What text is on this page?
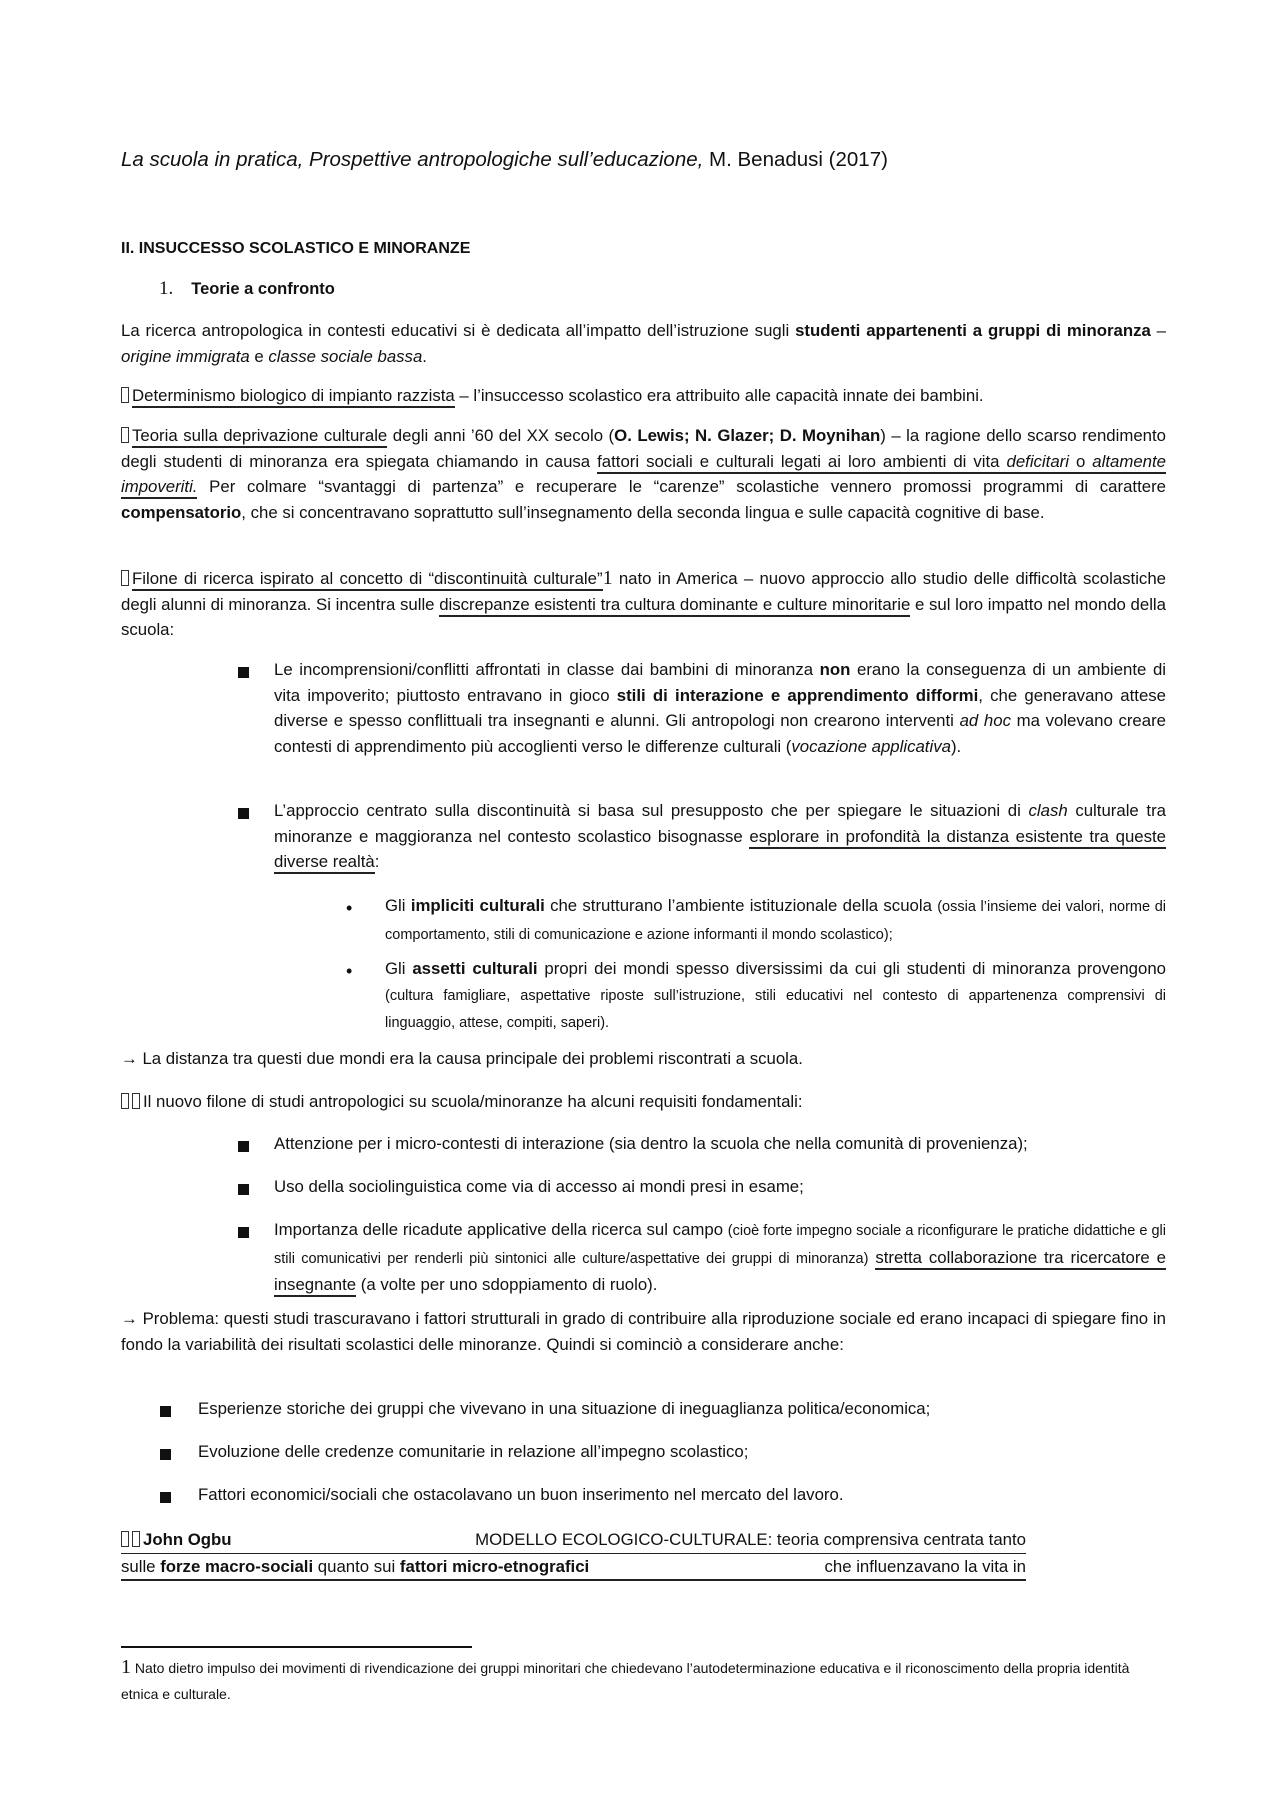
La scuola in pratica, Prospettive antropologiche sull’educazione, M. Benadusi (2017)
II. INSUCCESSO SCOLASTICO E MINORANZE
1. Teorie a confronto
La ricerca antropologica in contesti educativi si è dedicata all’impatto dell’istruzione sugli studenti appartenenti a gruppi di minoranza – origine immigrata e classe sociale bassa.
Determinismo biologico di impianto razzista – l’insuccesso scolastico era attribuito alle capacità innate dei bambini.
Teoria sulla deprivazione culturale degli anni ’60 del XX secolo (O. Lewis; N. Glazer; D. Moynihan) – la ragione dello scarso rendimento degli studenti di minoranza era spiegata chiamando in causa fattori sociali e culturali legati ai loro ambienti di vita deficitari o altamente impoveriti. Per colmare “svantaggi di partenza” e recuperare le “carenze” scolastiche vennero promossi programmi di carattere compensatorio, che si concentravano soprattutto sull’insegnamento della seconda lingua e sulle capacità cognitive di base.
Filone di ricerca ispirato al concetto di “discontinuità culturale”1 nato in America – nuovo approccio allo studio delle difficoltà scolastiche degli alunni di minoranza. Si incentra sulle discrepanze esistenti tra cultura dominante e culture minoritarie e sul loro impatto nel mondo della scuola:
Le incomprensioni/conflitti affrontati in classe dai bambini di minoranza non erano la conseguenza di un ambiente di vita impoverito; piuttosto entravano in gioco stili di interazione e apprendimento difformi, che generavano attese diverse e spesso conflittuali tra insegnanti e alunni. Gli antropologi non crearono interventi ad hoc ma volevano creare contesti di apprendimento più accoglienti verso le differenze culturali (vocazione applicativa).
L’approccio centrato sulla discontinuità si basa sul presupposto che per spiegare le situazioni di clash culturale tra minoranze e maggioranza nel contesto scolastico bisognasse esplorare in profondità la distanza esistente tra queste diverse realtà:
• Gli impliciti culturali che strutturano l’ambiente istituzionale della scuola (ossia l’insieme dei valori, norme di comportamento, stili di comunicazione e azione informanti il mondo scolastico);
• Gli assetti culturali propri dei mondi spesso diversissimi da cui gli studenti di minoranza provengono (cultura famigliare, aspettative riposte sull’istruzione, stili educativi nel contesto di appartenenza comprensivi di linguaggio, attese, compiti, saperi).
→ La distanza tra questi due mondi era la causa principale dei problemi riscontrati a scuola.
Il nuovo filone di studi antropologici su scuola/minoranze ha alcuni requisiti fondamentali:
Attenzione per i micro-contesti di interazione (sia dentro la scuola che nella comunità di provenienza);
Uso della sociolinguistica come via di accesso ai mondi presi in esame;
Importanza delle ricadute applicative della ricerca sul campo (cioè forte impegno sociale a riconfigurare le pratiche didattiche e gli stili comunicativi per renderli più sintonici alle culture/aspettative dei gruppi di minoranza) stretta collaborazione tra ricercatore e insegnante (a volte per uno sdoppiamento di ruolo).
→ Problema: questi studi trascuravano i fattori strutturali in grado di contribuire alla riproduzione sociale ed erano incapaci di spiegare fino in fondo la variabilità dei risultati scolastici delle minoranze. Quindi si cominciò a considerare anche:
Esperienze storiche dei gruppi che vivevano in una situazione di ineguaglianza politica/economica;
Evoluzione delle credenze comunitarie in relazione all’impegno scolastico;
Fattori economici/sociali che ostacolavano un buon inserimento nel mercato del lavoro.
John Ogbu	MODELLO ECOLOGICO-CULTURALE: teoria comprensiva centrata tanto
sulle forze macro-sociali quanto sui fattori micro-etnografici	che influenzavano la vita in
1 Nato dietro impulso dei movimenti di rivendicazione dei gruppi minoritari che chiedevano l’autodeterminazione educativa e il riconoscimento della propria identità etnica e culturale.
